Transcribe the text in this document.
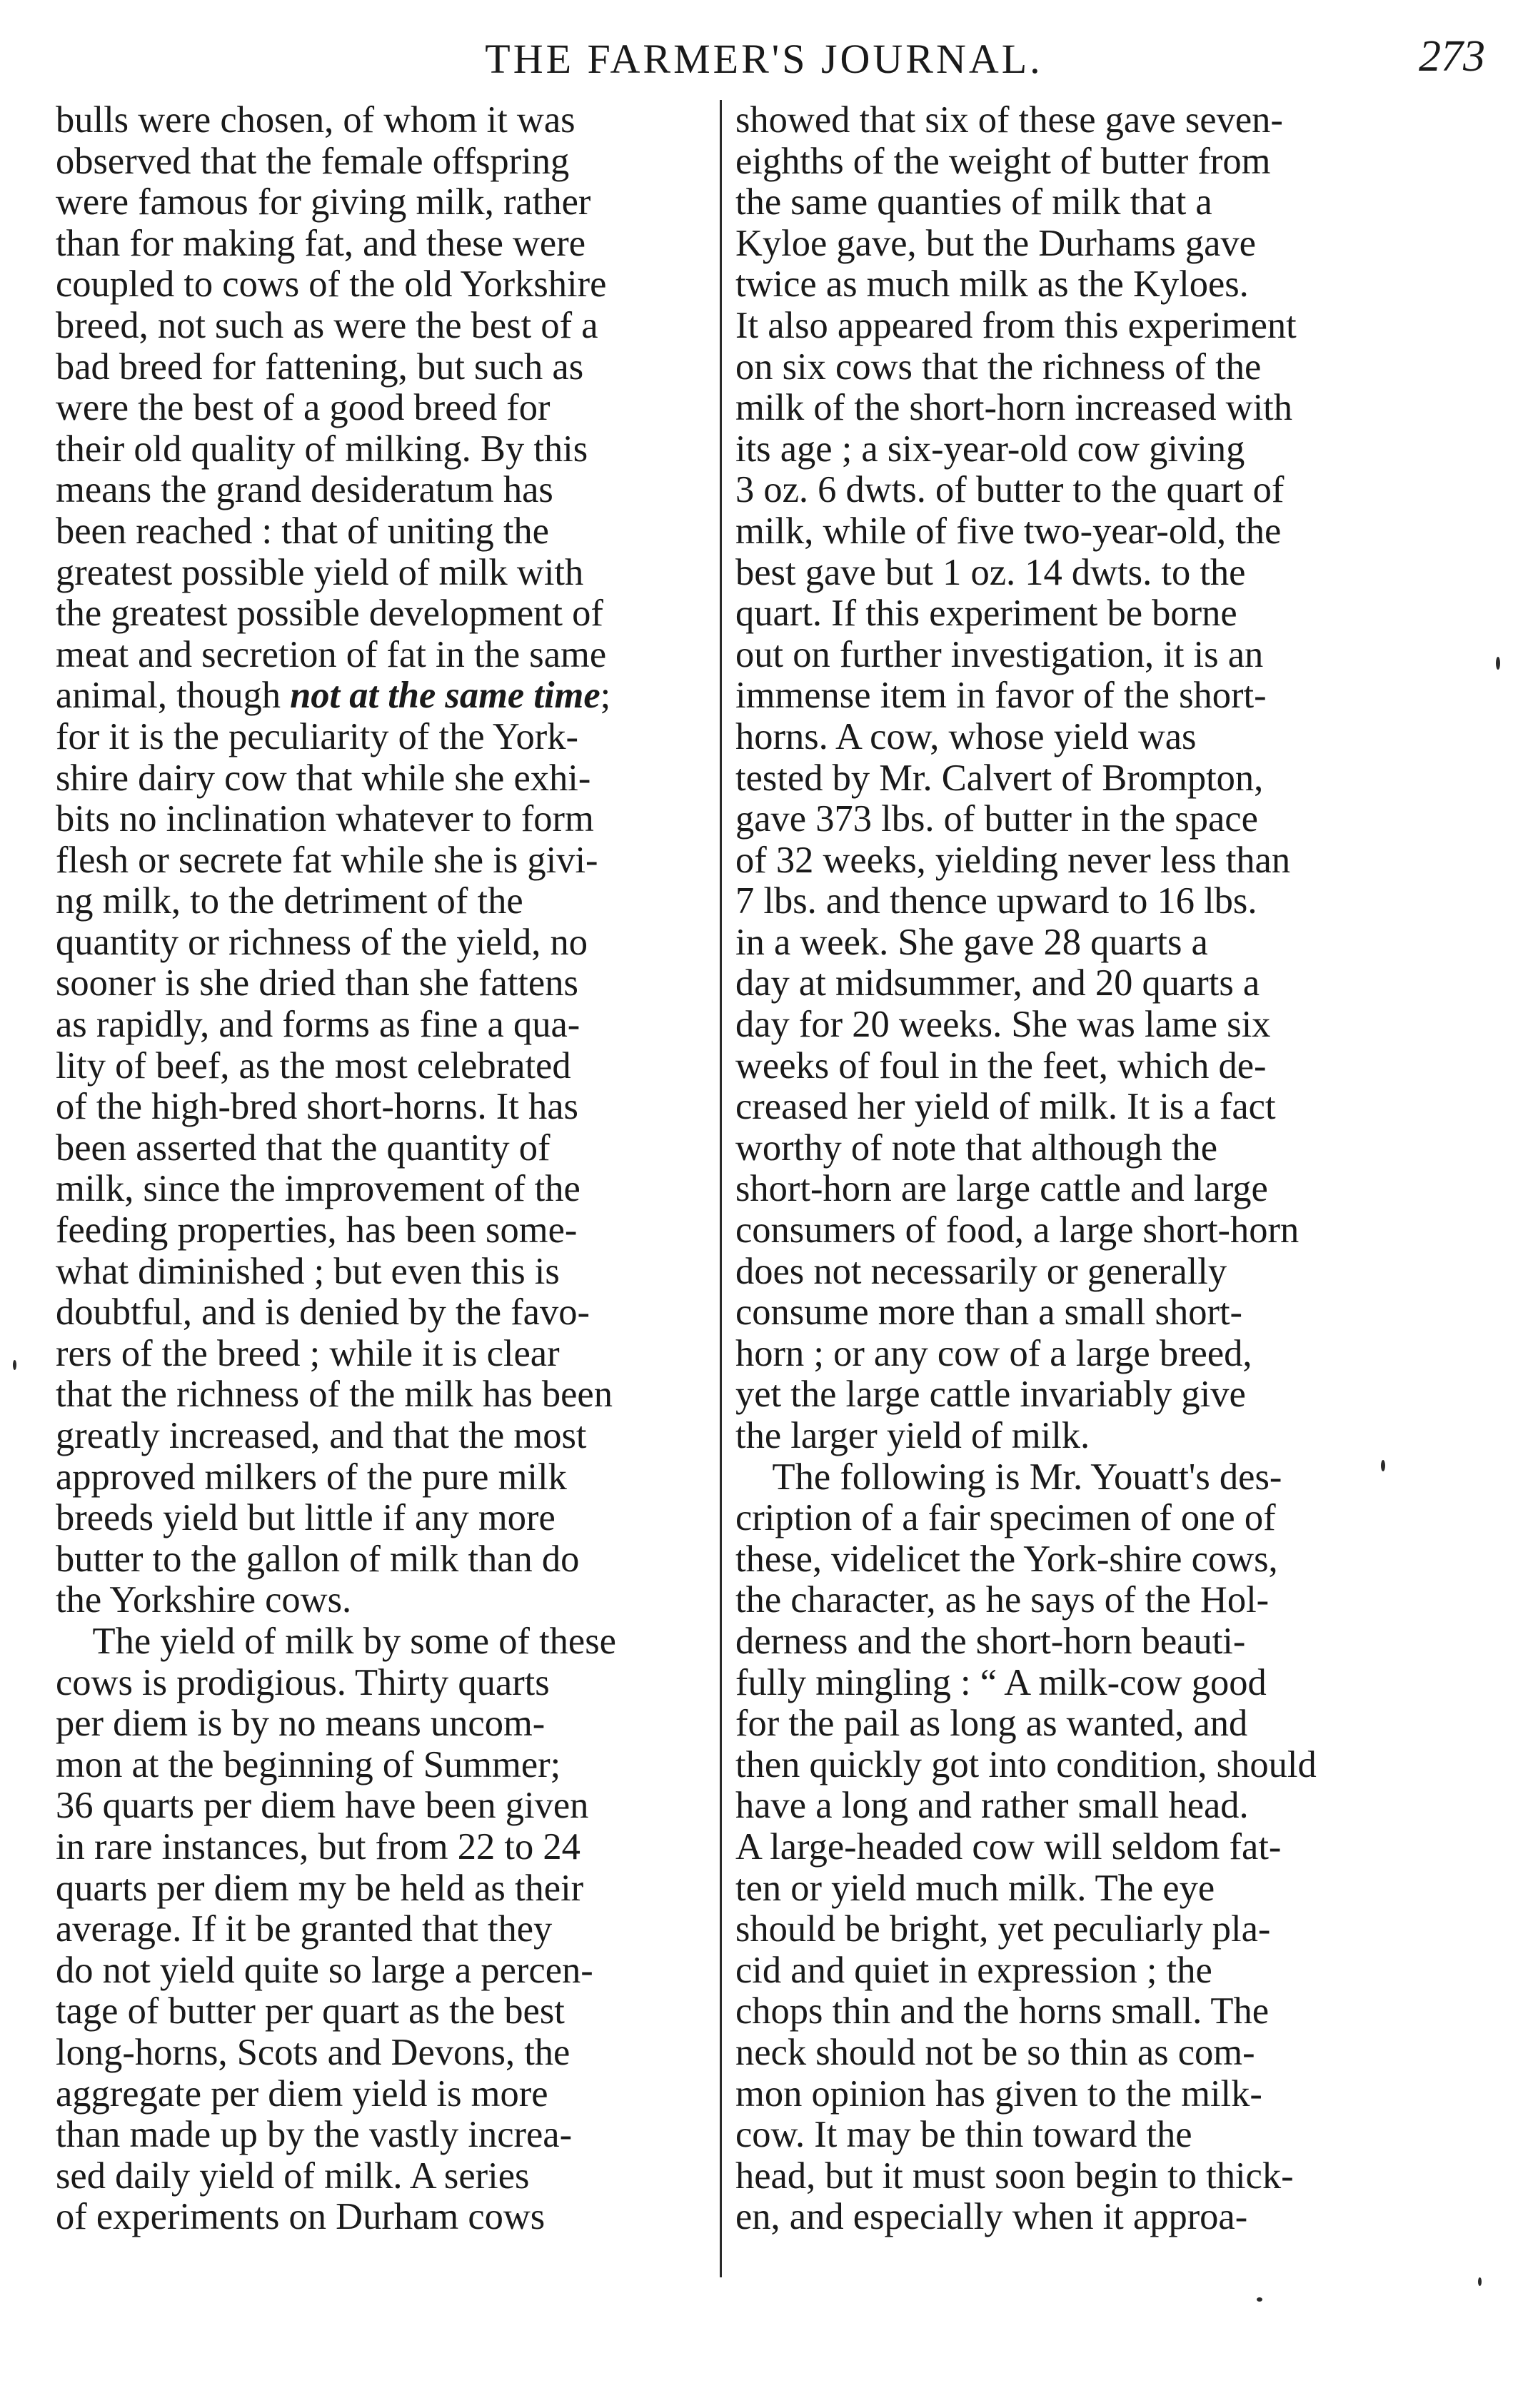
THE FARMER'S JOURNAL.	273
bulls were chosen, of whom it was
observed that the female offspring
were famous for giving milk, rather
than for making fat, and these were
coupled to cows of the old Yorkshire
breed, not such as were the best of a
bad breed for fattening, but such as
were the best of a good breed for
their old quality of milking. By this
means the grand desideratum has
been reached : that of uniting the
greatest possible yield of milk with
the greatest possible development of
meat and secretion of fat in the same
animal, though not at the same time;
for it is the peculiarity of the York-
shire dairy cow that while she exhi-
bits no inclination whatever to form
flesh or secrete fat while she is givi-
ng milk, to the detriment of the
quantity or richness of the yield, no
sooner is she dried than she fattens
as rapidly, and forms as fine a qua-
lity of beef, as the most celebrated
of the high-bred short-horns. It has
been asserted that the quantity of
milk, since the improvement of the
feeding properties, has been some-
what diminished ; but even this is
doubtful, and is denied by the favo-
rers of the breed ; while it is clear
that the richness of the milk has been
greatly increased, and that the most
approved milkers of the pure milk
breeds yield but little if any more
butter to the gallon of milk than do
the Yorkshire cows.
The yield of milk by some of these
cows is prodigious. Thirty quarts
per diem is by no means uncom-
mon at the beginning of Summer;
36 quarts per diem have been given
in rare instances, but from 22 to 24
quarts per diem my be held as their
average. If it be granted that they
do not yield quite so large a percen-
tage of butter per quart as the best
long-horns, Scots and Devons, the
aggregate per diem yield is more
than made up by the vastly increa-
sed daily yield of milk. A series
of experiments on Durham cows
showed that six of these gave seven-
eighths of the weight of butter from
the same quanties of milk that a
Kyloe gave, but the Durhams gave
twice as much milk as the Kyloes.
It also appeared from this experiment
on six cows that the richness of the
milk of the short-horn increased with
its age ; a six-year-old cow giving
3 oz. 6 dwts. of butter to the quart of
milk, while of five two-year-old, the
best gave but 1 oz. 14 dwts. to the
quart. If this experiment be borne
out on further investigation, it is an
immense item in favor of the short-
horns. A cow, whose yield was
tested by Mr. Calvert of Brompton,
gave 373 lbs. of butter in the space
of 32 weeks, yielding never less than
7 lbs. and thence upward to 16 lbs.
in a week. She gave 28 quarts a
day at midsummer, and 20 quarts a
day for 20 weeks. She was lame six
weeks of foul in the feet, which de-
creased her yield of milk. It is a fact
worthy of note that although the
short-horn are large cattle and large
consumers of food, a large short-horn
does not necessarily or generally
consume more than a small short-
horn ; or any cow of a large breed,
yet the large cattle invariably give
the larger yield of milk.
The following is Mr. Youatt's des-
cription of a fair specimen of one of
these, videlicet the York-shire cows,
the character, as he says of the Hol-
derness and the short-horn beauti-
fully mingling : “ A milk-cow good
for the pail as long as wanted, and
then quickly got into condition, should
have a long and rather small head.
A large-headed cow will seldom fat-
ten or yield much milk. The eye
should be bright, yet peculiarly pla-
cid and quiet in expression ; the
chops thin and the horns small. The
neck should not be so thin as com-
mon opinion has given to the milk-
cow. It may be thin toward the
head, but it must soon begin to thick-
en, and especially when it approa-
